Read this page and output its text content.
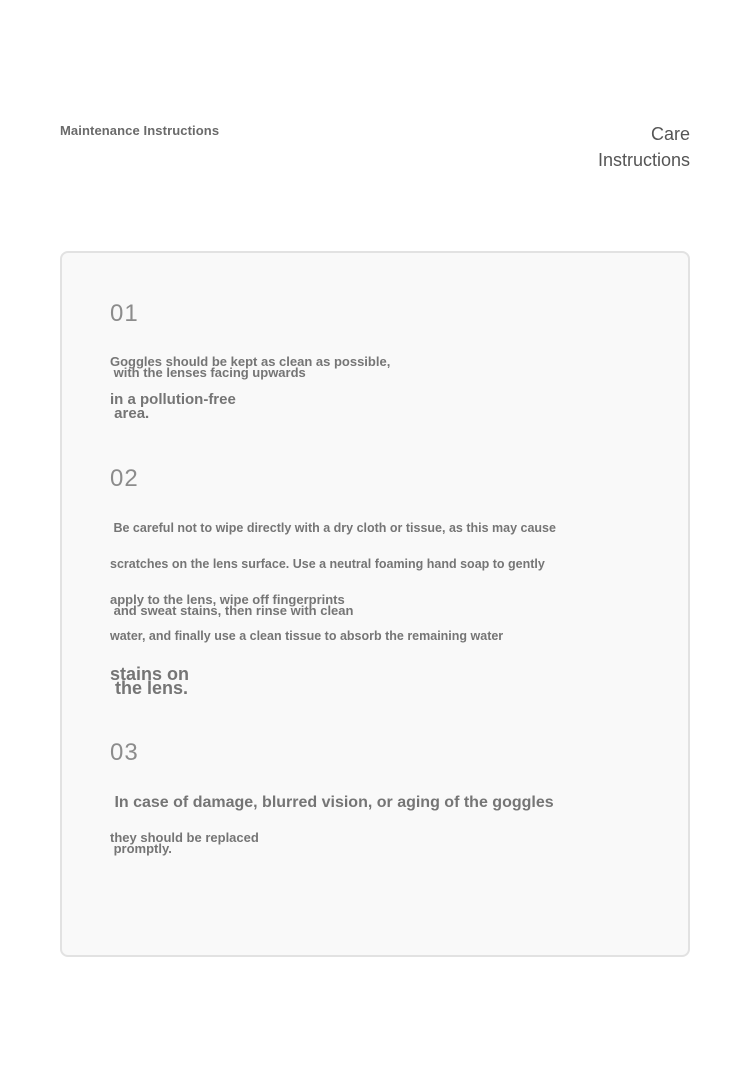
Maintenance Instructions	Care
Instructions
01
Goggles should be kept as clean as possible,
with the lenses facing upwards
in a pollution-free
area.
02
Be careful not to wipe directly with a dry cloth or tissue, as this may cause
scratches on the lens surface. Use a neutral foaming hand soap to gently
apply to the lens, wipe off fingerprints
and sweat stains, then rinse with clean
water, and finally use a clean tissue to absorb the remaining water
stains on
the lens.
03
In case of damage, blurred vision, or aging of the goggles
they should be replaced
promptly.
